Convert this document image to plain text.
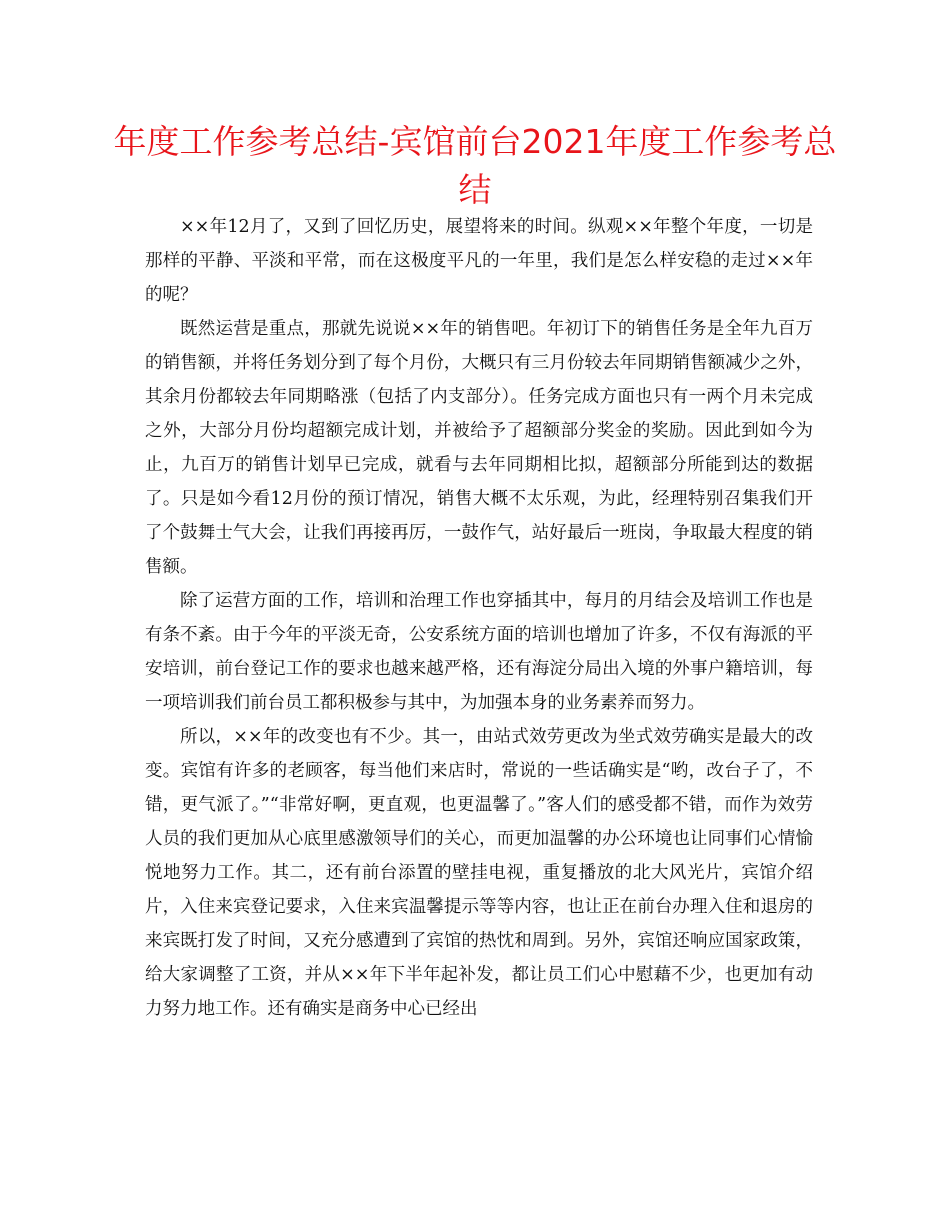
年度工作参考总结-宾馆前台2021年度工作参考总结

××年12月了，又到了回忆历史，展望将来的时间。纵观××年整个年度，一切是那样的平静、平淡和平常，而在这极度平凡的一年里，我们是怎么样安稳的走过××年的呢？

既然运营是重点，那就先说说××年的销售吧。年初订下的销售任务是全年九百万的销售额，并将任务划分到了每个月份，大概只有三月份较去年同期销售额减少之外，其余月份都较去年同期略涨（包括了内支部分）。任务完成方面也只有一两个月未完成之外，大部分月份均超额完成计划，并被给予了超额部分奖金的奖励。因此到如今为止，九百万的销售计划早已完成，就看与去年同期相比拟，超额部分所能到达的数据了。只是如今看12月份的预订情况，销售大概不太乐观，为此，经理特别召集我们开了个鼓舞士气大会，让我们再接再厉，一鼓作气，站好最后一班岗，争取最大程度的销售额。

除了运营方面的工作，培训和治理工作也穿插其中，每月的月结会及培训工作也是有条不紊。由于今年的平淡无奇，公安系统方面的培训也增加了许多，不仅有海派的平安培训，前台登记工作的要求也越来越严格，还有海淀分局出入境的外事户籍培训，每一项培训我们前台员工都积极参与其中，为加强本身的业务素养而努力。

所以，××年的改变也有不少。其一，由站式效劳更改为坐式效劳确实是最大的改变。宾馆有许多的老顾客，每当他们来店时，常说的一些话确实是“哟，改台子了，不错，更气派了。”“非常好啊，更直观，也更温馨了。”客人们的感受都不错，而作为效劳人员的我们更加从心底里感激领导们的关心，而更加温馨的办公环境也让同事们心情愉悦地努力工作。其二，还有前台添置的壁挂电视，重复播放的北大风光片，宾馆介绍片，入住来宾登记要求，入住来宾温馨提示等等内容，也让正在前台办理入住和退房的来宾既打发了时间，又充分感遭到了宾馆的热忱和周到。另外，宾馆还响应国家政策，给大家调整了工资，并从××年下半年起补发，都让员工们心中慰藉不少，也更加有动力努力地工作。还有确实是商务中心已经出
